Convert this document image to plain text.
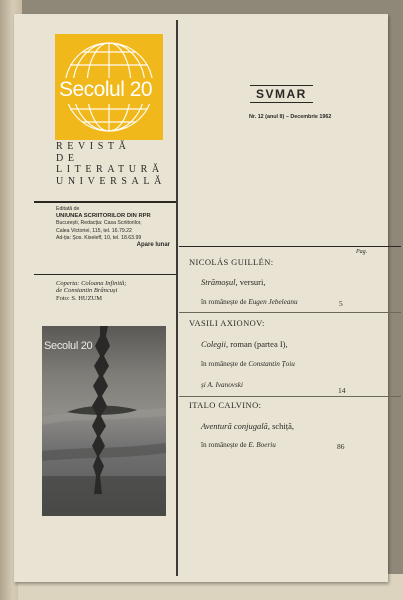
Secolul 20
REVISTĂ
DE
LITERATURĂ
UNIVERSALĂ
Editată de
UNIUNEA SCRIITORILOR DIN RPR
București, Redacția: Casa Scriitorilor,
Calea Victoriei, 115, tel. 16.79.22
Ad-ția: Șos. Kiseleff, 10, tel. 18.63.99
Apare lunar
Coperta: Coloana Infinită;
de Constantin Brâncuși
Foto: S. HUZUM
Secolul 20
SVMAR
Nr. 12 (anul II) – Decembrie 1962
Pag.
NICOLÁS GUILLÉN:
Strămoșul, versuri,
în românește de Eugen Jebeleanu	5
VASILI AXIONOV:
Colegii, roman (partea I),
în românește de Constantin Țoiu
și A. Ivanovski
14
ITALO CALVINO:
Aventură conjugală, schiță,
în românește de E. Boeriu	86
